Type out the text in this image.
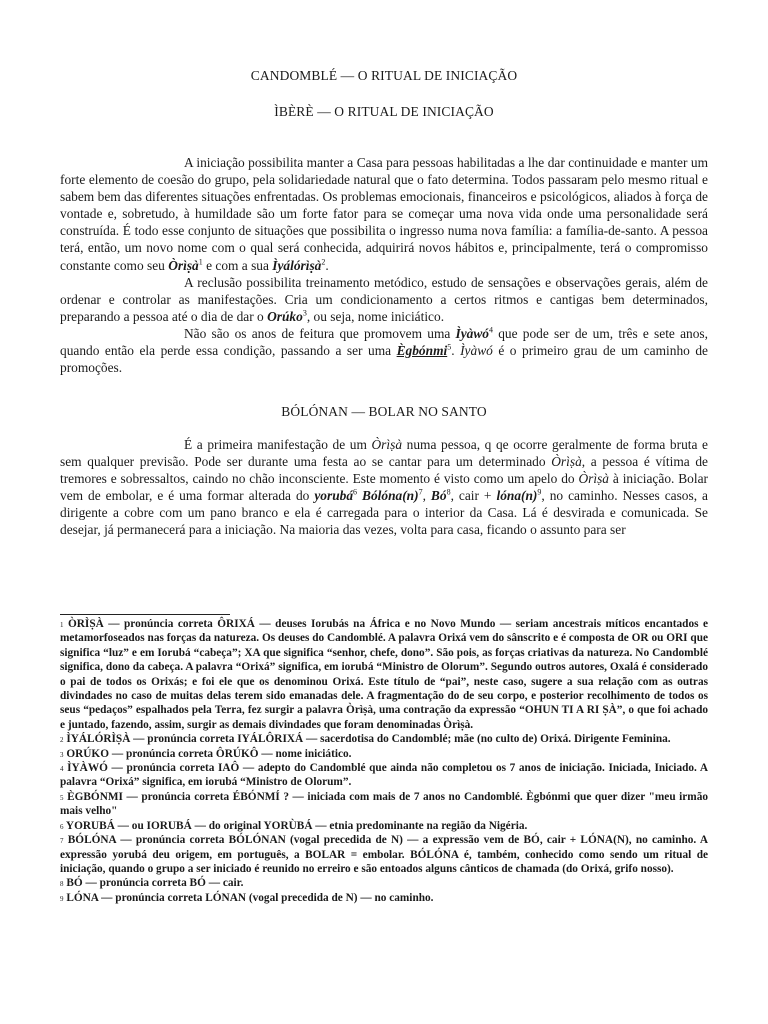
CANDOMBLÉ — O RITUAL DE INICIAÇÃO
ÌBÈRÈ — O RITUAL DE INICIAÇÃO

A iniciação possibilita manter a Casa para pessoas habilitadas a lhe dar continuidade e manter um forte elemento de coesão do grupo, pela solidariedade natural que o fato determina. Todos passaram pelo mesmo ritual e sabem bem das diferentes situações enfrentadas. Os problemas emocionais, financeiros e psicológicos, aliados à força de vontade e, sobretudo, à humildade são um forte fator para se começar uma nova vida onde uma personalidade será construída. É todo esse conjunto de situações que possibilita o ingresso numa nova família: a família-de-santo. A pessoa terá, então, um novo nome com o qual será conhecida, adquirirá novos hábitos e, principalmente, terá o compromisso constante como seu Òrìṣà$^1$ e com a sua Ìyálórìṣà$^2$.

A reclusão possibilita treinamento metódico, estudo de sensações e observações gerais, além de ordenar e controlar as manifestações. Cria um condicionamento a certos ritmos e cantigas bem determinados, preparando a pessoa até o dia de dar o Orúko$^3$, ou seja, nome iniciático.

Não são os anos de feitura que promovem uma Ìyàwó$^4$ que pode ser de um, três e sete anos, quando então ela perde essa condição, passando a ser uma Ègbónmi$^5$. Ìyàwó é o primeiro grau de um caminho de promoções.

BÓLÓNAN — BOLAR NO SANTO

É a primeira manifestação de um Òrìṣà numa pessoa, q qe ocorre geralmente de forma bruta e sem qualquer previsão. Pode ser durante uma festa ao se cantar para um determinado Òrìṣà, a pessoa é vítima de tremores e sobressaltos, caindo no chão inconsciente. Este momento é visto como um apelo do Òrìṣà à iniciação. Bolar vem de embolar, e é uma formar alterada do yorubá$^6$ $Bólóna(n)^7$, $Bó^8$, cair + $lóna(n)^9$, no caminho. Nesses casos, a dirigente a cobre com um pano branco e ela é carregada para o interior da Casa. Lá é desvirada e comunicada. Se desejar, já permanecerá para a iniciação. Na maioria das vezes, volta para casa, ficando o assunto para ser

$^1$ ÒRÌṢÀ — pronúncia correta ÔRIXÁ — deuses Iorubás na África e no Novo Mundo — seriam ancestrais míticos encantados e metamorfoseados nas forças da natureza. Os deuses do Candomblé. A palavra Orixá vem do sânscrito e é composta de OR ou ORI que significa “luz” e em Iorubá “cabeça”; XA que significa “senhor, chefe, dono”. São pois, as forças criativas da natureza. No Candomblé significa, dono da cabeça. A palavra “Orixá” significa, em iorubá “Ministro de Olorum”. Segundo outros autores, Oxalá é considerado o pai de todos os Orixás; e foi ele que os denominou Orixá. Este título de “pai”, neste caso, sugere a sua relação com as outras divindades no caso de muitas delas terem sido emanadas dele. A fragmentação do de seu corpo, e posterior recolhimento de todos os seus “pedaços” espalhados pela Terra, fez surgir a palavra Òrìṣà, uma contração da expressão “OHUN TI A RI ṢÀ”, o que foi achado e juntado, fazendo, assim, surgir as demais divindades que foram denominadas Òrìṣà.

$^2$ ÌYÁLÓRÌṢÀ — pronúncia correta IYÁLÔRIXÁ — sacerdotisa do Candomblé; mãe (no culto de) Orixá. Dirigente Feminina.

$^3$ ORÚKO — pronúncia correta ÔRÚKÔ — nome iniciático.

$^4$ ÌYÀWÓ — pronúncia correta IAÔ — adepto do Candomblé que ainda não completou os 7 anos de iniciação. Iniciada, Iniciado. A palavra “Orixá” significa, em iorubá “Ministro de Olorum”.

$^5$ ÈGBÓNMI — pronúncia correta ÉBÓNMÍ ? — iniciada com mais de 7 anos no Candomblé. Ègbónmi que quer dizer "meu irmão mais velho"

$^6$ YORUBÁ — ou IORUBÁ — do original YORÙBÁ — etnia predominante na região da Nigéria.

$^7$ BÓLÓNA — pronúncia correta BÓLÓNAN (vogal precedida de N) — a expressão vem de BÓ, cair + LÓNA(N), no caminho. A expressão yorubá deu origem, em português, a BOLAR = embolar. BÓLÓNA é, também, conhecido como sendo um ritual de iniciação, quando o grupo a ser iniciado é reunido no erreiro e são entoados alguns cânticos de chamada (do Orixá, grifo nosso).

$^8$ BÓ — pronúncia correta BÓ — cair.

$^9$ LÓNA — pronúncia correta LÓNAN (vogal precedida de N) — no caminho.
